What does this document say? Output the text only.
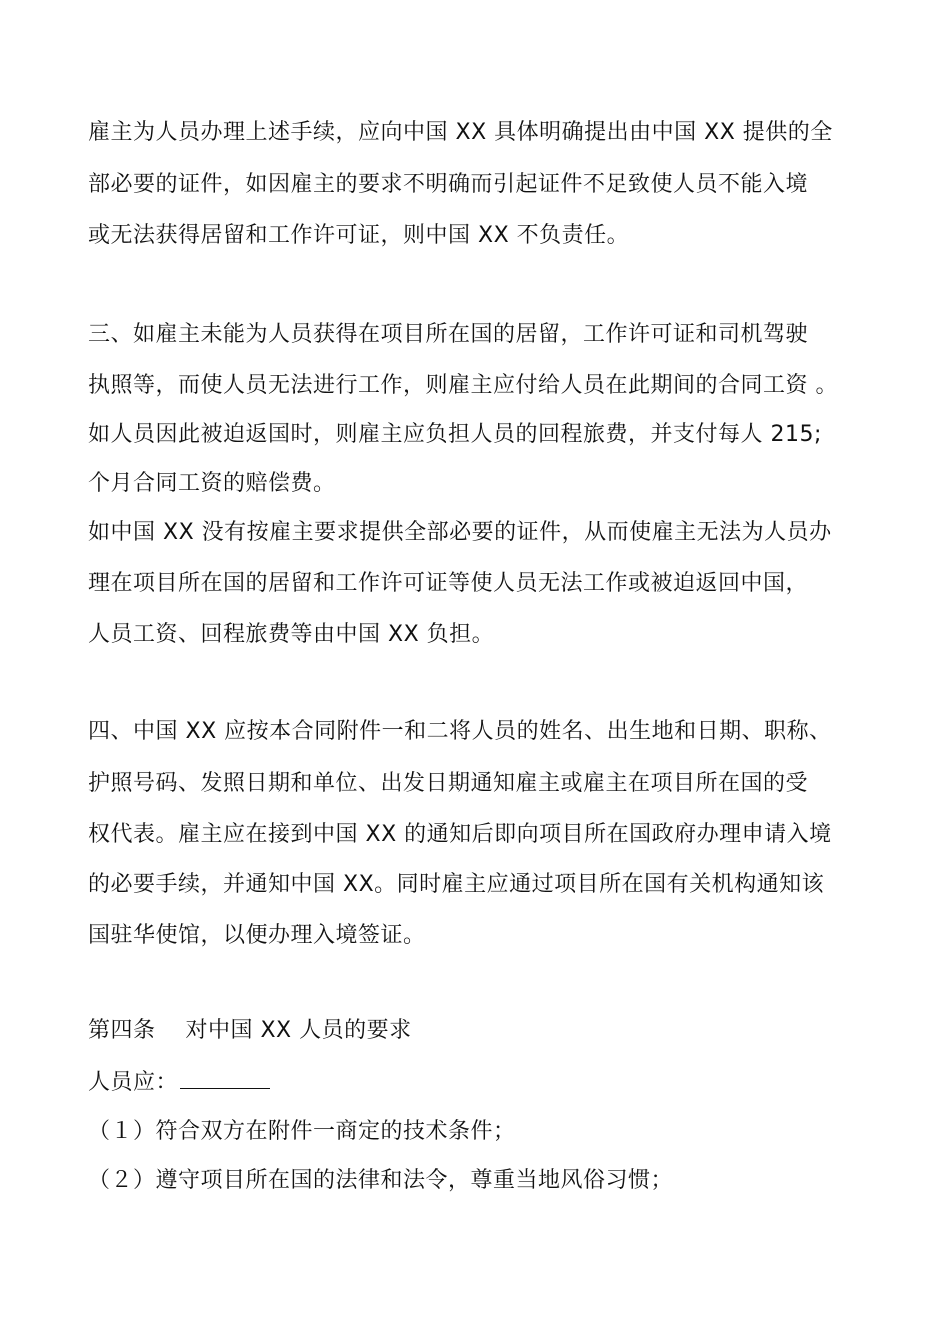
雇主为人员办理上述手续，应向中国 XX 具体明确提出由中国 XX 提供的全
部必要的证件，如因雇主的要求不明确而引起证件不足致使人员不能入境
或无法获得居留和工作许可证，则中国 XX 不负责任。
三、如雇主未能为人员获得在项目所在国的居留，工作许可证和司机驾驶
执照等，而使人员无法进行工作，则雇主应付给人员在此期间的合同工资 。
如人员因此被迫返国时，则雇主应负担人员的回程旅费，并支付每人 215;
个月合同工资的赔偿费。
如中国 XX 没有按雇主要求提供全部必要的证件，从而使雇主无法为人员办
理在项目所在国的居留和工作许可证等使人员无法工作或被迫返回中国，
人员工资、回程旅费等由中国 XX 负担。
四、中国 XX 应按本合同附件一和二将人员的姓名、出生地和日期、职称、
护照号码、发照日期和单位、出发日期通知雇主或雇主在项目所在国的受
权代表。雇主应在接到中国 XX 的通知后即向项目所在国政府办理申请入境
的必要手续，并通知中国 XX。同时雇主应通过项目所在国有关机构通知该
国驻华使馆，以便办理入境签证。
第四条　 对中国 XX 人员的要求
人员应：
（１）符合双方在附件一商定的技术条件；
（２）遵守项目所在国的法律和法令，尊重当地风俗习惯；
